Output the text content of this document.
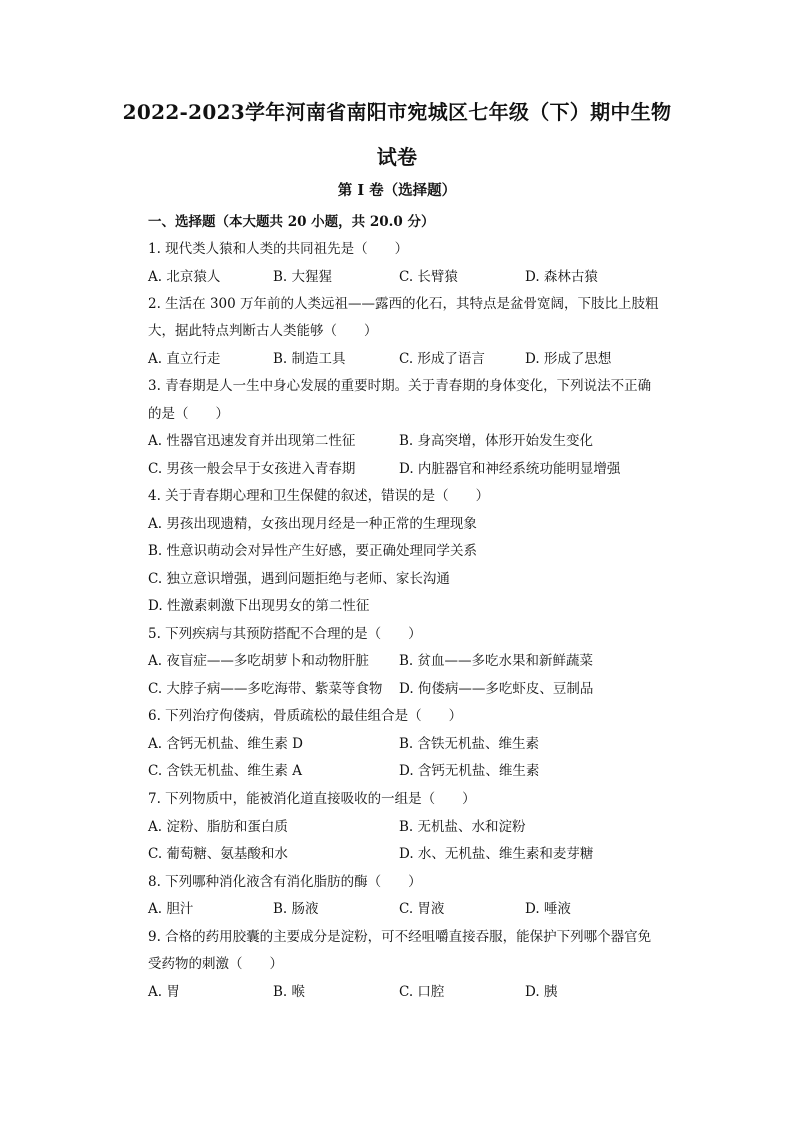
2022-2023学年河南省南阳市宛城区七年级（下）期中生物
试卷
第 I 卷（选择题）
一、选择题（本大题共 20 小题，共 20.0 分）
1. 现代类人猿和人类的共同祖先是（　　）
A. 北京猿人	B. 大猩猩	C. 长臂猿	D. 森林古猿
2. 生活在 300 万年前的人类远祖——露西的化石，其特点是盆骨宽阔，下肢比上肢粗
大，据此特点判断古人类能够（　　）
A. 直立行走	B. 制造工具	C. 形成了语言	D. 形成了思想
3. 青春期是人一生中身心发展的重要时期。关于青春期的身体变化，下列说法不正确
的是（　　）
A. 性器官迅速发育并出现第二性征	B. 身高突增，体形开始发生变化
C. 男孩一般会早于女孩进入青春期	D. 内脏器官和神经系统功能明显增强
4. 关于青春期心理和卫生保健的叙述，错误的是（　　）
A. 男孩出现遗精，女孩出现月经是一种正常的生理现象
B. 性意识萌动会对异性产生好感，要正确处理同学关系
C. 独立意识增强，遇到问题拒绝与老师、家长沟通
D. 性激素刺激下出现男女的第二性征
5. 下列疾病与其预防搭配不合理的是（　　）
A. 夜盲症——多吃胡萝卜和动物肝脏 B. 贫血——多吃水果和新鲜蔬菜
C. 大脖子病——多吃海带、紫菜等食物 D. 佝偻病——多吃虾皮、豆制品
6. 下列治疗佝偻病，骨质疏松的最佳组合是（　　）
A. 含钙无机盐、维生素 D	B. 含铁无机盐、维生素
C. 含铁无机盐、维生素 A	D. 含钙无机盐、维生素
7. 下列物质中，能被消化道直接吸收的一组是（　　）
A. 淀粉、脂肪和蛋白质	B. 无机盐、水和淀粉
C. 葡萄糖、氨基酸和水	D. 水、无机盐、维生素和麦芽糖
8. 下列哪种消化液含有消化脂肪的酶（　　）
A. 胆汁	B. 肠液	C. 胃液	D. 唾液
9. 合格的药用胶囊的主要成分是淀粉，可不经咀嚼直接吞服，能保护下列哪个器官免
受药物的刺激（　　）
A. 胃	B. 喉	C. 口腔	D. 胰
